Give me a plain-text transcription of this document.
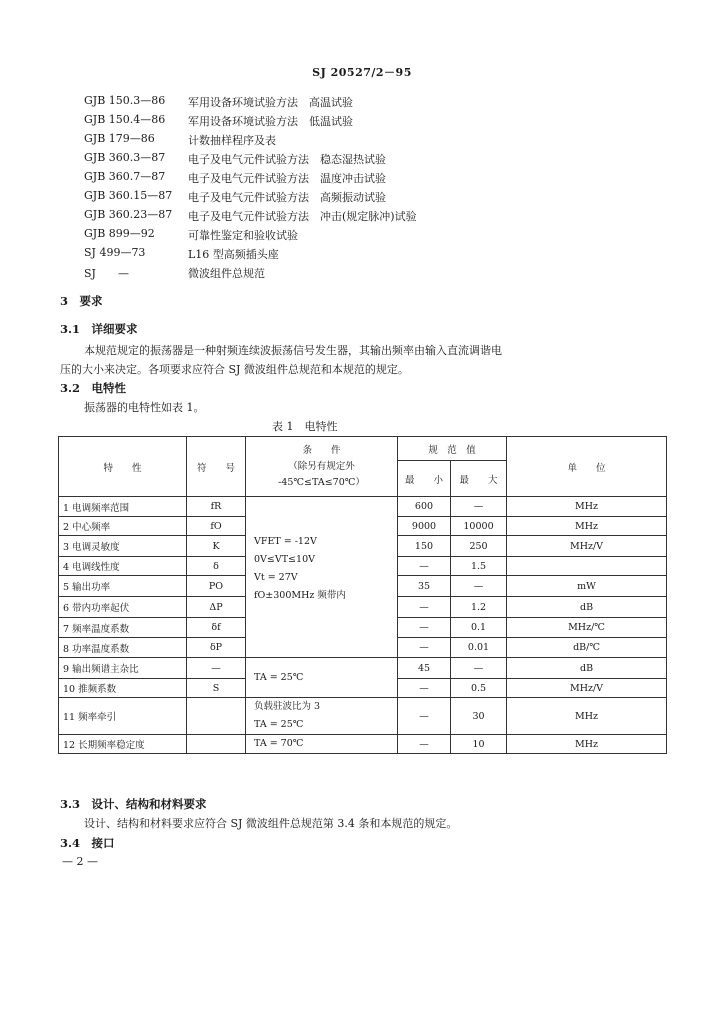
SJ 20527/2－95
GJB 150.3—86 军用设备环境试验方法　高温试验
GJB 150.4—86 军用设备环境试验方法　低温试验
GJB 179—86	计数抽样程序及表
GJB 360.3—87 电子及电气元件试验方法　稳态湿热试验
GJB 360.7—87 电子及电气元件试验方法　温度冲击试验
GJB 360.15—87 电子及电气元件试验方法　高频振动试验
GJB 360.23—87 电子及电气元件试验方法　冲击(规定脉冲)试验
GJB 899—92	可靠性鉴定和验收试验
SJ 499—73	L16 型高频插头座
SJ　　—	微波组件总规范
3　要求
3.1　详细要求
本规范规定的振荡器是一种射频连续波振荡信号发生器，其输出频率由输入直流调谐电
压的大小来决定。各项要求应符合 SJ 微波组件总规范和本规范的规定。
3.2　电特性
振荡器的电特性如表 1。
表 1　电特性
特　　性	符　　号	条　　件
（除另有规定外
-45℃≤TA≤70℃）	规　范　值		单　　位
			最　　小	最　　大	
1 电调频率范围	fR	VFET = -12V
0V≤VT≤10V
Vt = 27V
fO±300MHz 频带内	600	—	MHz
2 中心频率	fO		9000	10000	MHz
3 电调灵敏度	K		150	250	MHz/V
4 电调线性度	δ		—	1.5	
5 输出功率	PO		35	—	mW
6 带内功率起伏	ΔP		—	1.2	dB
7 频率温度系数	δf		—	0.1	MHz/℃
8 功率温度系数	δP		—	0.01	dB/℃
9 输出频谱主杂比	—	TA = 25℃	45	—	dB
10 推频系数	S		—	0.5	MHz/V
11 频率牵引		负载驻波比为 3
TA = 25℃	—	30	MHz
12 长期频率稳定度		TA = 70℃	—	10	MHz
3.3　设计、结构和材料要求
设计、结构和材料要求应符合 SJ 微波组件总规范第 3.4 条和本规范的规定。
3.4　接口
— 2 —
